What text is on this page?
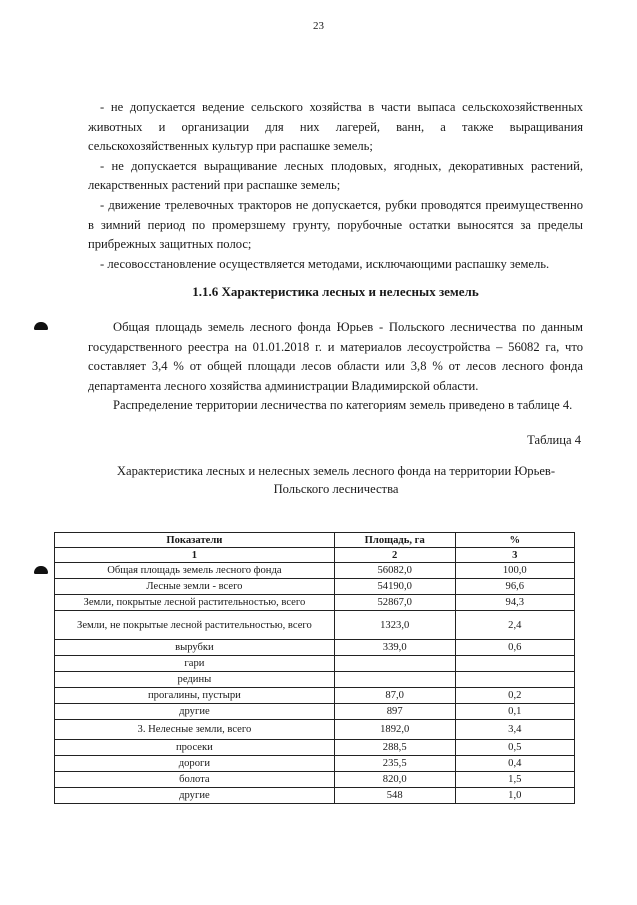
23

- не допускается ведение сельского хозяйства в части выпаса сельскохозяйственных животных и организации для них лагерей, ванн, а также выращивания сельскохозяйственных культур при распашке земель;

- не допускается выращивание лесных плодовых, ягодных, декоративных растений, лекарственных растений при распашке земель;

- движение трелевочных тракторов не допускается, рубки проводятся преимущественно в зимний период по промерзшему грунту, порубочные остатки выносятся за пределы прибрежных защитных полос;

- лесовосстановление осуществляется методами, исключающими распашку земель.

1.1.6 Характеристика лесных и нелесных земель

Общая площадь земель лесного фонда Юрьев - Польского лесничества по данным государственного реестра на 01.01.2018 г. и материалов лесоустройства – 56082 га, что составляет 3,4 % от общей площади лесов области или 3,8 % от лесов лесного фонда департамента лесного хозяйства администрации Владимирской области.

Распределение территории лесничества по категориям земель приведено в таблице 4.

Таблица 4
Характеристика лесных и нелесных земель лесного фонда на территории Юрьев-Польского лесничества
Показатели	Площадь, га	%
1	2	3
Общая площадь земель лесного фонда	56082,0	100,0
Лесные земли - всего	54190,0	96,6
Земли, покрытые лесной растительностью, всего	52867,0	94,3
Земли, не покрытые лесной растительностью, всего	1323,0	2,4
вырубки	339,0	0,6
гари		
редины		
прогалины, пустыри	87,0	0,2
другие	897	0,1
3. Нелесные земли, всего	1892,0	3,4
просеки	288,5	0,5
дороги	235,5	0,4
болота	820,0	1,5
другие	548	1,0
